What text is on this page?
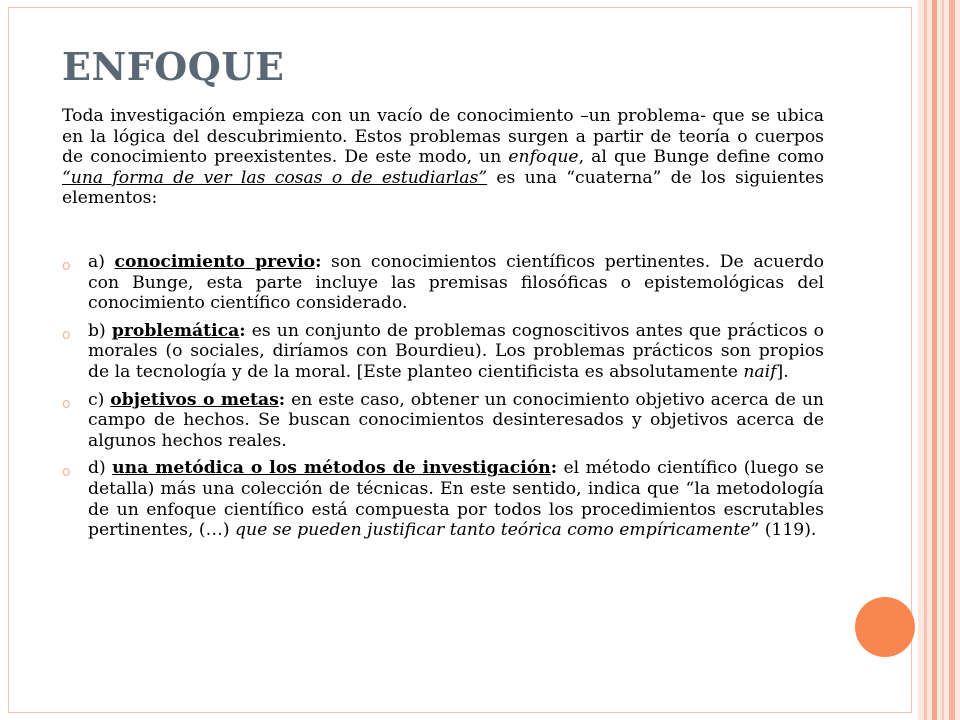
ENFOQUE

Toda investigación empieza con un vacío de conocimiento –un problema- que se ubica en la lógica del descubrimiento. Estos problemas surgen a partir de teoría o cuerpos de conocimiento preexistentes. De este modo, un enfoque, al que Bunge define como “una forma de ver las cosas o de estudiarlas” es una “cuaterna” de los siguientes elementos:

o a) conocimiento previo: son conocimientos científicos pertinentes. De acuerdo con Bunge, esta parte incluye las premisas filosóficas o epistemológicas del conocimiento científico considerado.
o b) problemática: es un conjunto de problemas cognoscitivos antes que prácticos o morales (o sociales, diríamos con Bourdieu). Los problemas prácticos son propios de la tecnología y de la moral. [Este planteo cientificista es absolutamente naif].
o c) objetivos o metas: en este caso, obtener un conocimiento objetivo acerca de un campo de hechos. Se buscan conocimientos desinteresados y objetivos acerca de algunos hechos reales.
o d) una metódica o los métodos de investigación: el método científico (luego se detalla) más una colección de técnicas. En este sentido, indica que “la metodología de un enfoque científico está compuesta por todos los procedimientos escrutables pertinentes, (…) que se pueden justificar tanto teórica como empíricamente” (119).
